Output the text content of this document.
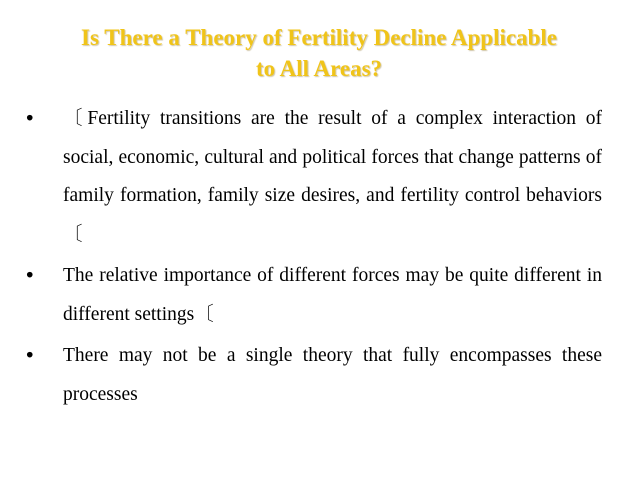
Is There a Theory of Fertility Decline Applicable
to All Areas?
• 〔Fertility transitions are the result of a complex interaction of social, economic, cultural and political forces that change patterns of family formation, family size desires, and fertility control behaviors〔
• The relative importance of different forces may be quite different in different settings〔
• There may not be a single theory that fully encompasses these processes
